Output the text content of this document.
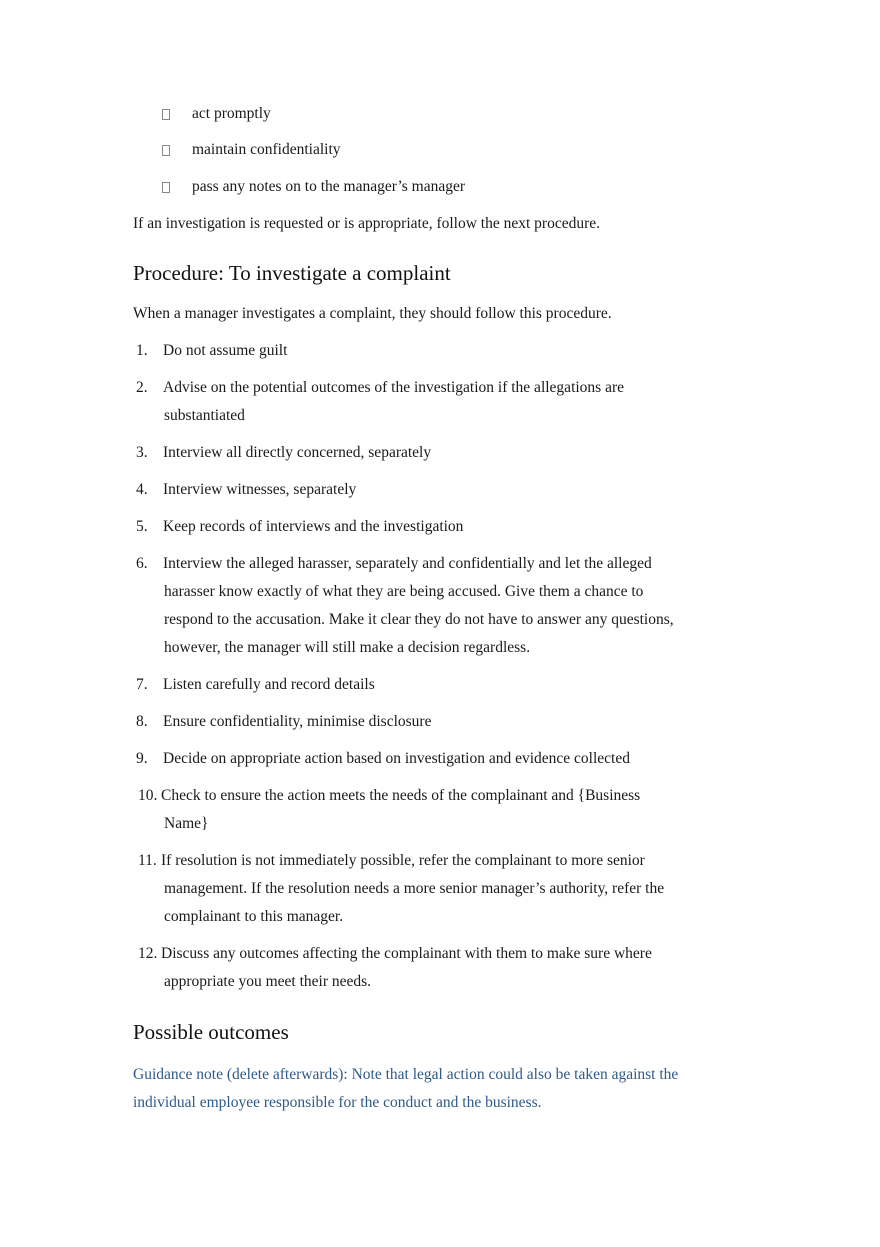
act promptly
maintain confidentiality
pass any notes on to the manager’s manager
If an investigation is requested or is appropriate, follow the next procedure.
Procedure: To investigate a complaint
When a manager investigates a complaint, they should follow this procedure.
1. Do not assume guilt
2. Advise on the potential outcomes of the investigation if the allegations are
substantiated
3. Interview all directly concerned, separately
4. Interview witnesses, separately
5. Keep records of interviews and the investigation
6. Interview the alleged harasser, separately and confidentially and let the alleged
harasser know exactly of what they are being accused. Give them a chance to
respond to the accusation. Make it clear they do not have to answer any questions,
however, the manager will still make a decision regardless.
7. Listen carefully and record details
8. Ensure confidentiality, minimise disclosure
9. Decide on appropriate action based on investigation and evidence collected
10. Check to ensure the action meets the needs of the complainant and {Business
Name}
11. If resolution is not immediately possible, refer the complainant to more senior
management. If the resolution needs a more senior manager’s authority, refer the
complainant to this manager.
12. Discuss any outcomes affecting the complainant with them to make sure where
appropriate you meet their needs.
Possible outcomes
Guidance note (delete afterwards): Note that legal action could also be taken against the
individual employee responsible for the conduct and the business.
